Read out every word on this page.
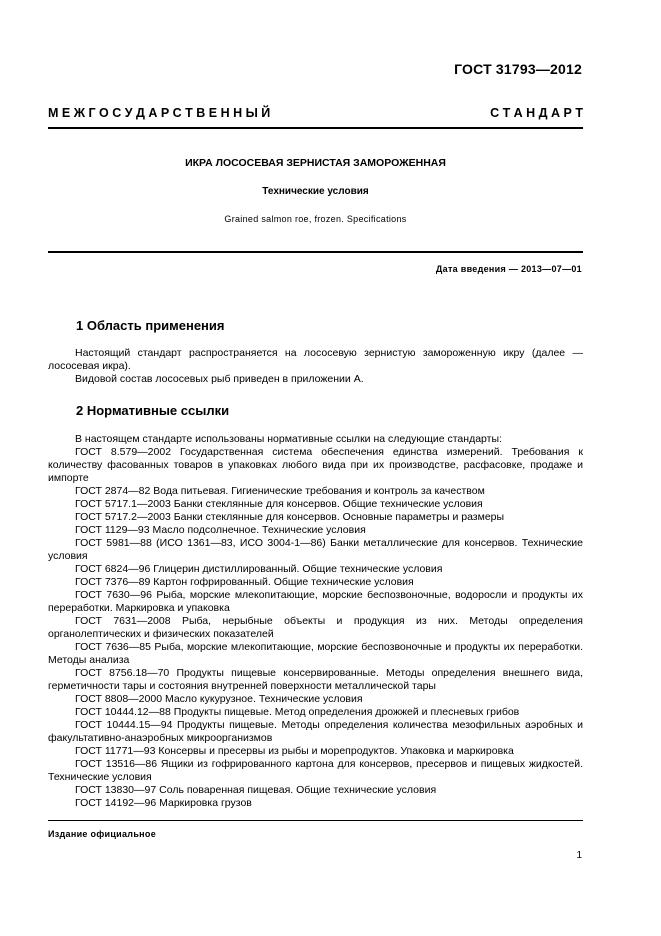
ГОСТ 31793—2012
М Е Ж Г О С У Д А Р С Т В Е Н Н Ы Й	С Т А Н Д А Р Т
ИКРА ЛОСОСЕВАЯ ЗЕРНИСТАЯ ЗАМОРОЖЕННАЯ
Технические условия
Grained salmon roe, frozen. Specifications
Дата введения — 2013—07—01
1 Область применения

Настоящий стандарт распространяется на лососевую зернистую замороженную икру (далее — лососевая икра).

Видовой состав лососевых рыб приведен в приложении А.

2 Нормативные ссылки

В настоящем стандарте использованы нормативные ссылки на следующие стандарты:

ГОСТ 8.579—2002 Государственная система обеспечения единства измерений. Требования к количеству фасованных товаров в упаковках любого вида при их производстве, расфасовке, продаже и импорте

ГОСТ 2874—82 Вода питьевая. Гигиенические требования и контроль за качеством

ГОСТ 5717.1—2003 Банки стеклянные для консервов. Общие технические условия

ГОСТ 5717.2—2003 Банки стеклянные для консервов. Основные параметры и размеры

ГОСТ 1129—93 Масло подсолнечное. Технические условия

ГОСТ 5981—88 (ИСО 1361—83, ИСО 3004-1—86) Банки металлические для консервов. Технические условия

ГОСТ 6824—96 Глицерин дистиллированный. Общие технические условия

ГОСТ 7376—89 Картон гофрированный. Общие технические условия

ГОСТ 7630—96 Рыба, морские млекопитающие, морские беспозвоночные, водоросли и продукты их переработки. Маркировка и упаковка

ГОСТ 7631—2008 Рыба, нерыбные объекты и продукция из них. Методы определения органолептических и физических показателей

ГОСТ 7636—85 Рыба, морские млекопитающие, морские беспозвоночные и продукты их переработки. Методы анализа

ГОСТ 8756.18—70 Продукты пищевые консервированные. Методы определения внешнего вида, герметичности тары и состояния внутренней поверхности металлической тары

ГОСТ 8808—2000 Масло кукурузное. Технические условия

ГОСТ 10444.12—88 Продукты пищевые. Метод определения дрожжей и плесневых грибов

ГОСТ 10444.15—94 Продукты пищевые. Методы определения количества мезофильных аэробных и факультативно-анаэробных микроорганизмов

ГОСТ 11771—93 Консервы и пресервы из рыбы и морепродуктов. Упаковка и маркировка

ГОСТ 13516—86 Ящики из гофрированного картона для консервов, пресервов и пищевых жидкостей. Технические условия

ГОСТ 13830—97 Соль поваренная пищевая. Общие технические условия

ГОСТ 14192—96 Маркировка грузов

Издание официальное
1
